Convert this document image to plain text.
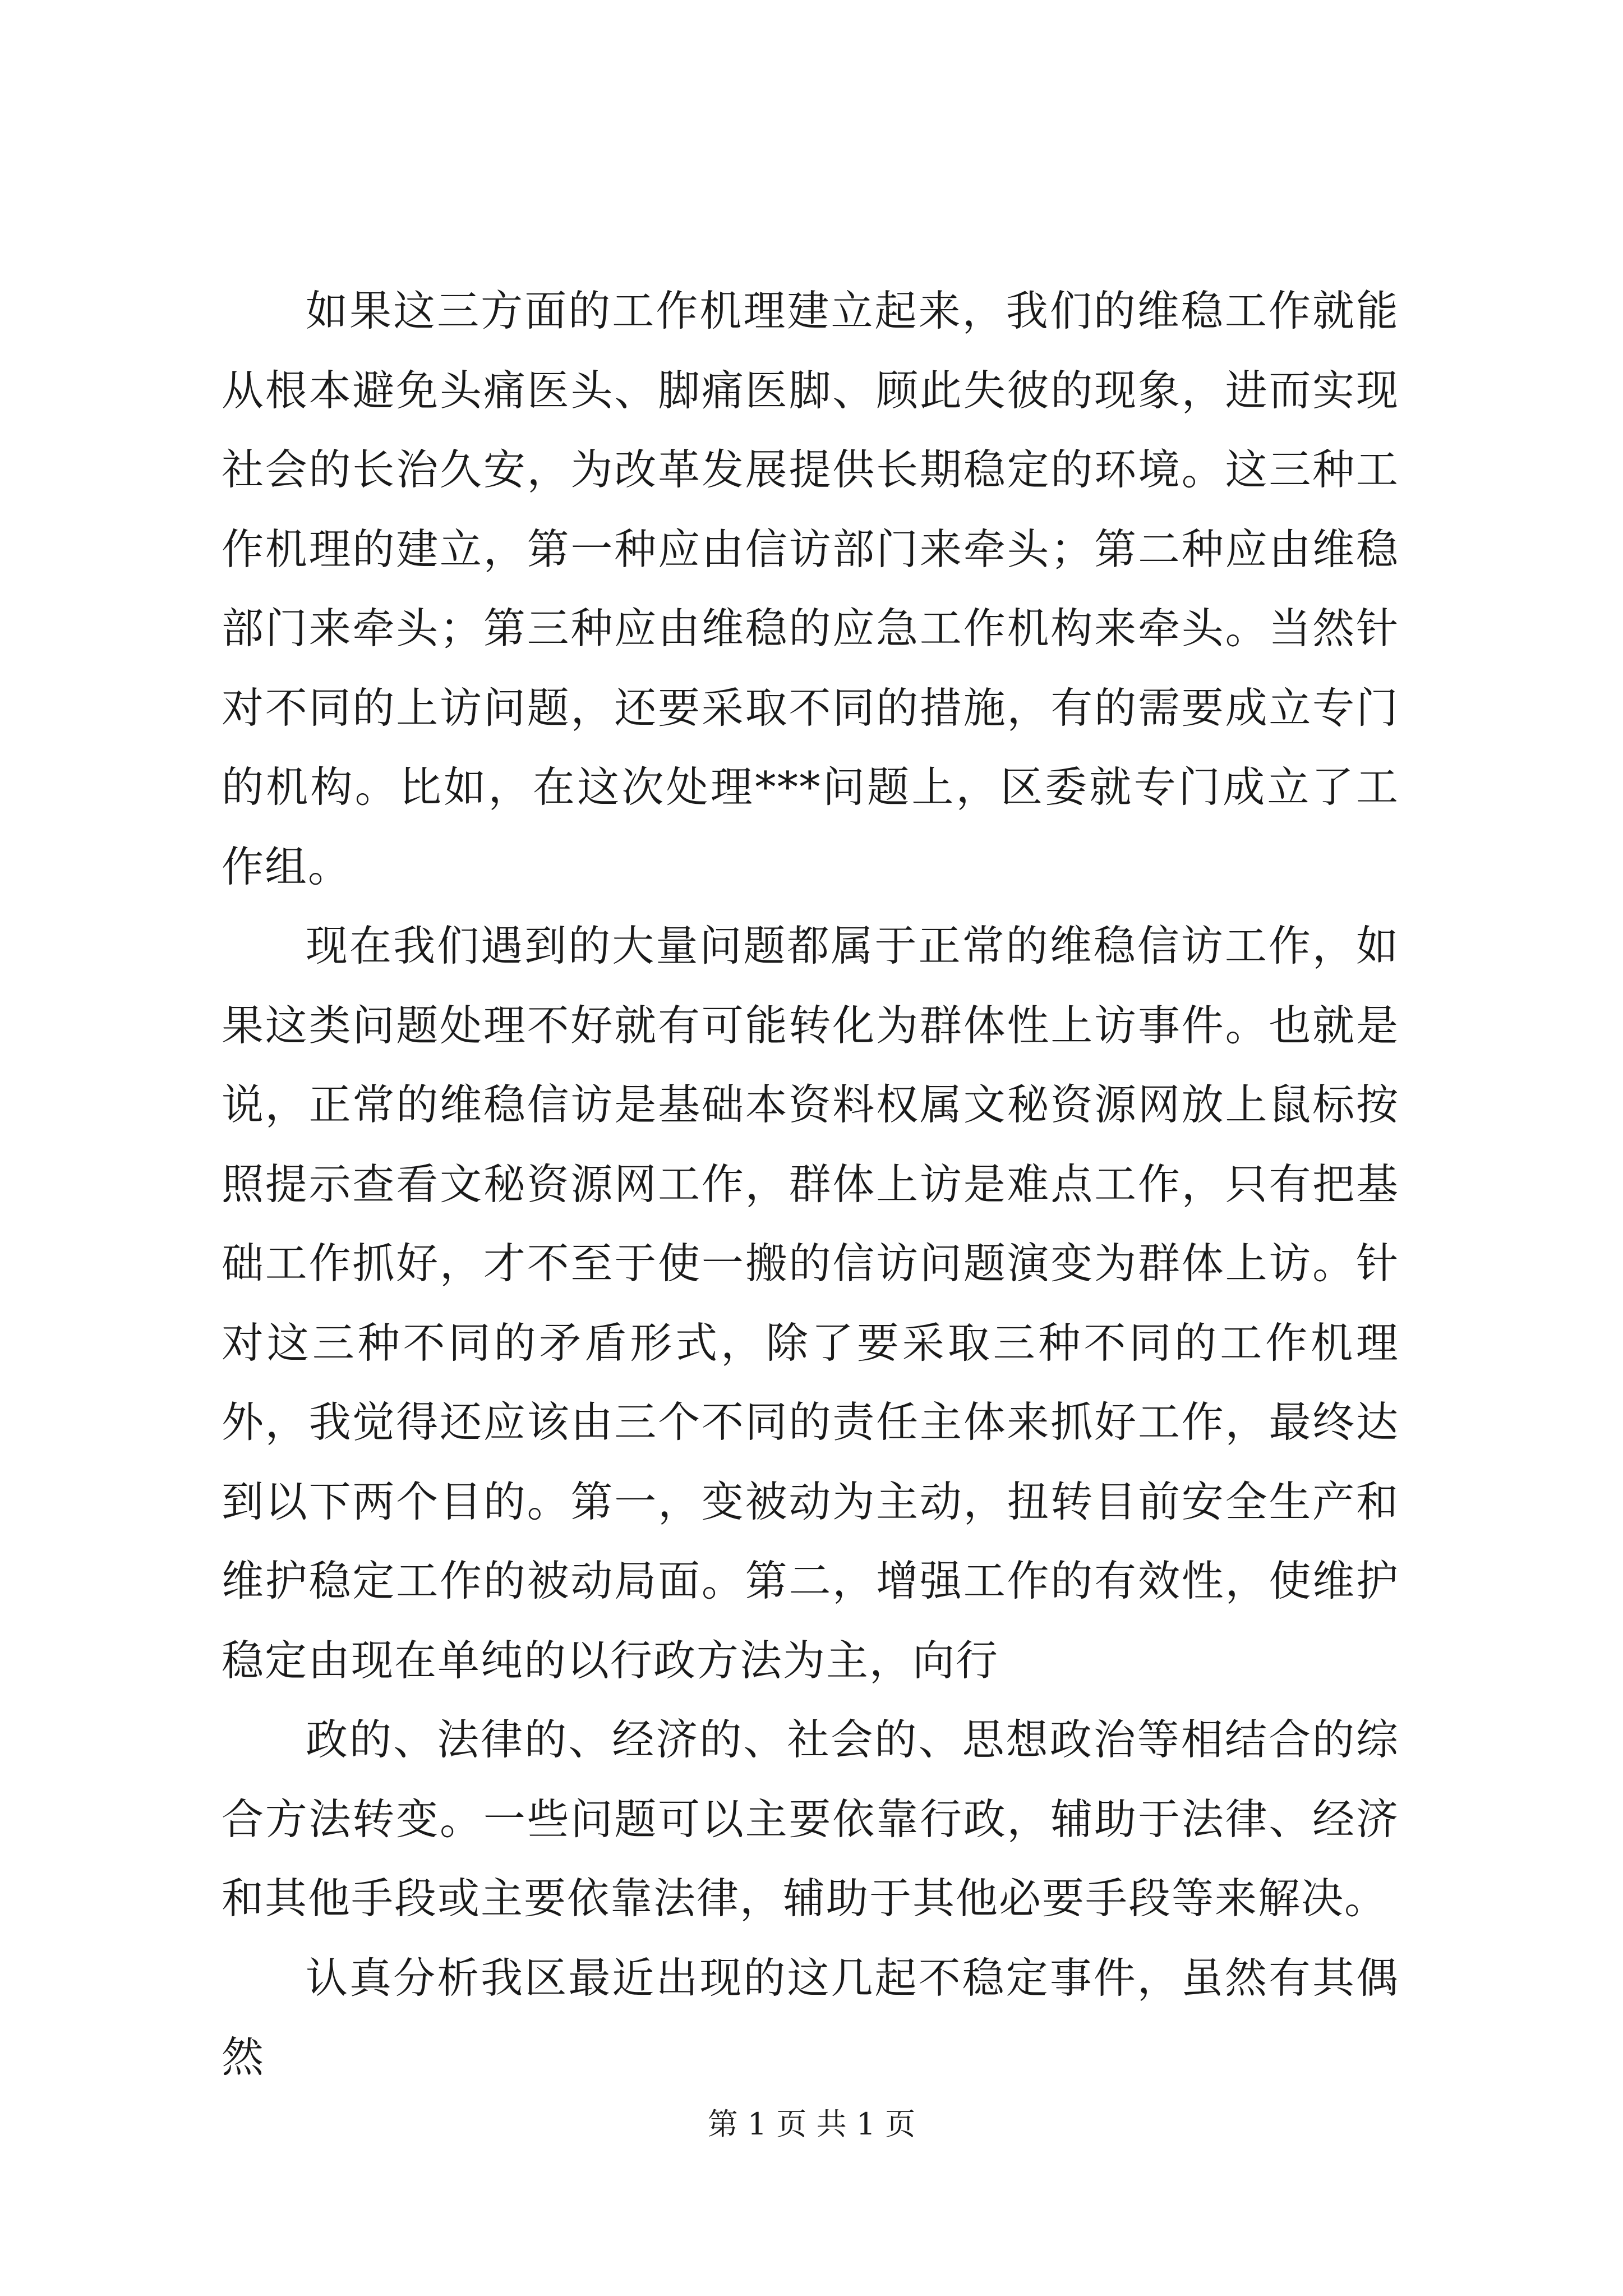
如果这三方面的工作机理建立起来，我们的维稳工作就能从根本避免头痛医头、脚痛医脚、顾此失彼的现象，进而实现社会的长治久安，为改革发展提供长期稳定的环境。这三种工作机理的建立，第一种应由信访部门来牵头；第二种应由维稳部门来牵头；第三种应由维稳的应急工作机构来牵头。当然针对不同的上访问题，还要采取不同的措施，有的需要成立专门的机构。比如，在这次处理***问题上，区委就专门成立了工作组。

现在我们遇到的大量问题都属于正常的维稳信访工作，如果这类问题处理不好就有可能转化为群体性上访事件。也就是说，正常的维稳信访是基础本资料权属文秘资源网放上鼠标按照提示查看文秘资源网工作，群体上访是难点工作，只有把基础工作抓好，才不至于使一搬的信访问题演变为群体上访。针对这三种不同的矛盾形式，除了要采取三种不同的工作机理外，我觉得还应该由三个不同的责任主体来抓好工作，最终达到以下两个目的。第一，变被动为主动，扭转目前安全生产和维护稳定工作的被动局面。第二，增强工作的有效性，使维护稳定由现在单纯的以行政方法为主，向行

政的、法律的、经济的、社会的、思想政治等相结合的综合方法转变。一些问题可以主要依靠行政，辅助于法律、经济和其他手段或主要依靠法律，辅助于其他必要手段等来解决。

认真分析我区最近出现的这几起不稳定事件，虽然有其偶然

第 1 页 共 1 页
